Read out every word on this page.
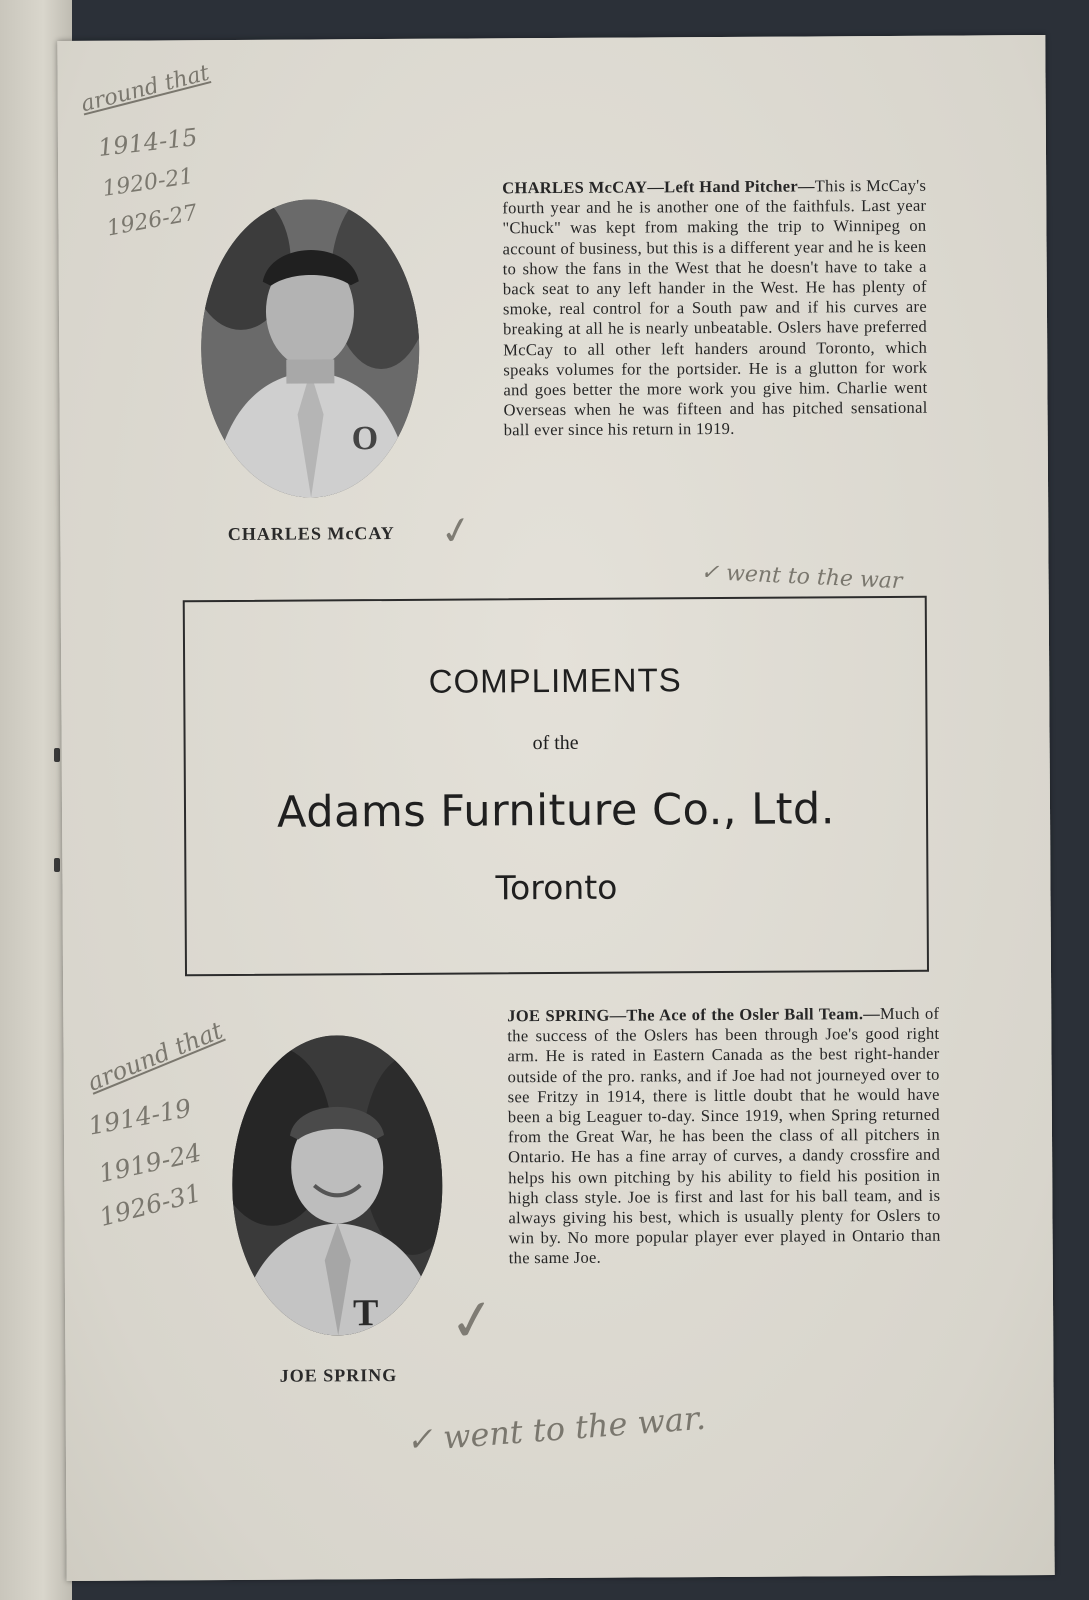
around that
1914-15
1920-21
1926-27
O
CHARLES McCAY	✓
CHARLES McCAY—Left Hand Pitcher—This is McCay's fourth year and he is another one of the faithfuls. Last year "Chuck" was kept from making the trip to Winnipeg on account of business, but this is a different year and he is keen to show the fans in the West that he doesn't have to take a back seat to any left hander in the West. He has plenty of smoke, real control for a South paw and if his curves are breaking at all he is nearly unbeatable. Oslers have preferred McCay to all other left handers around Toronto, which speaks volumes for the portsider. He is a glutton for work and goes better the more work you give him. Charlie went Overseas when he was fifteen and has pitched sensational ball ever since his return in 1919.
✓ went to the war
COMPLIMENTS
of the
Adams Furniture Co., Ltd.
Toronto
around that
1914-19
1919-24
1926-31
T
JOE SPRING
✓
JOE SPRING—The Ace of the Osler Ball Team.—Much of the success of the Oslers has been through Joe's good right arm. He is rated in Eastern Canada as the best right-hander outside of the pro. ranks, and if Joe had not journeyed over to see Fritzy in 1914, there is little doubt that he would have been a big Leaguer to-day. Since 1919, when Spring returned from the Great War, he has been the class of all pitchers in Ontario. He has a fine array of curves, a dandy crossfire and helps his own pitching by his ability to field his position in high class style. Joe is first and last for his ball team, and is always giving his best, which is usually plenty for Oslers to win by. No more popular player ever played in Ontario than the same Joe.
✓ went to the war.
